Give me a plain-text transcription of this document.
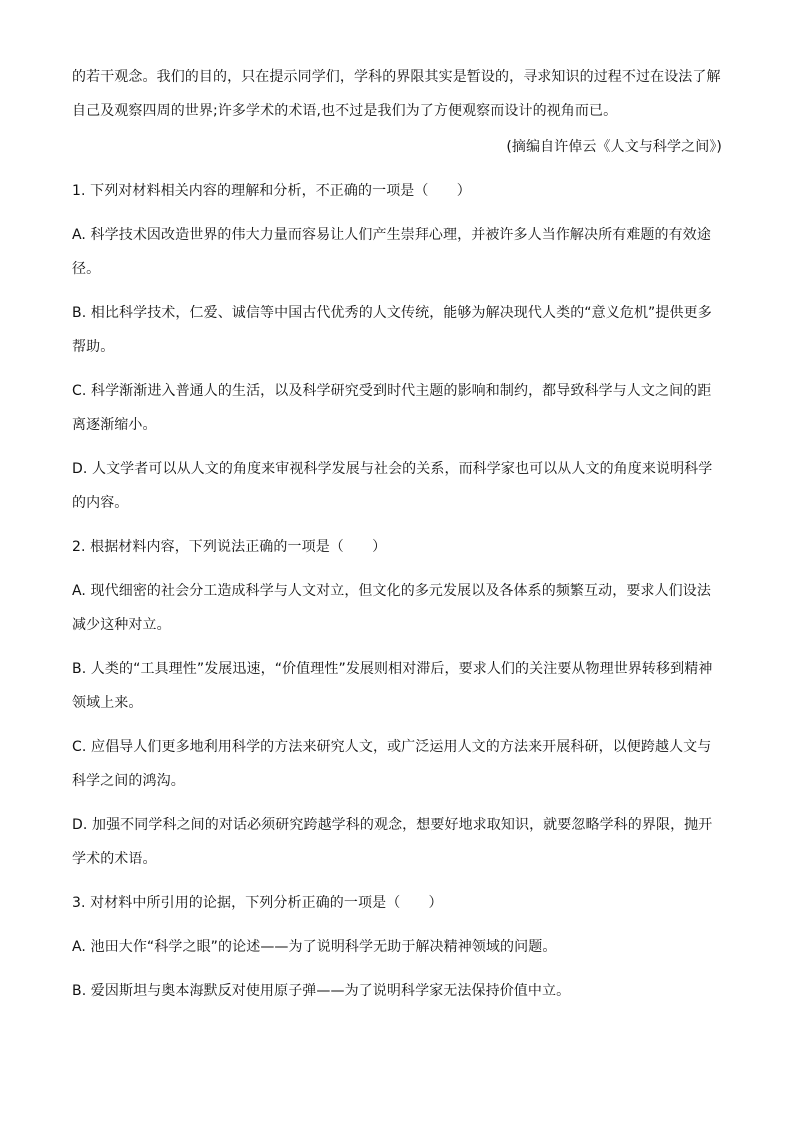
的若干观念。我们的目的，只在提示同学们，学科的界限其实是暂设的，寻求知识的过程不过在设法了解自己及观察四周的世界;许多学术的术语,也不过是我们为了方便观察而设计的视角而已。

(摘编自许倬云《人文与科学之间》)

1. 下列对材料相关内容的理解和分析，不正确的一项是（　　）

A. 科学技术因改造世界的伟大力量而容易让人们产生崇拜心理，并被许多人当作解决所有难题的有效途径。

B. 相比科学技术，仁爱、诚信等中国古代优秀的人文传统，能够为解决现代人类的“意义危机”提供更多帮助。

C. 科学渐渐进入普通人的生活，以及科学研究受到时代主题的影响和制约，都导致科学与人文之间的距离逐渐缩小。

D. 人文学者可以从人文的角度来审视科学发展与社会的关系，而科学家也可以从人文的角度来说明科学的内容。

2. 根据材料内容，下列说法正确的一项是（　　）

A. 现代细密的社会分工造成科学与人文对立，但文化的多元发展以及各体系的频繁互动，要求人们设法减少这种对立。

B. 人类的“工具理性”发展迅速，“价值理性”发展则相对滞后，要求人们的关注要从物理世界转移到精神领域上来。

C. 应倡导人们更多地利用科学的方法来研究人文，或广泛运用人文的方法来开展科研，以便跨越人文与科学之间的鸿沟。

D. 加强不同学科之间的对话必须研究跨越学科的观念，想要好地求取知识，就要忽略学科的界限，抛开学术的术语。

3. 对材料中所引用的论据，下列分析正确的一项是（　　）

A. 池田大作“科学之眼”的论述——为了说明科学无助于解决精神领域的问题。

B. 爱因斯坦与奥本海默反对使用原子弹——为了说明科学家无法保持价值中立。
